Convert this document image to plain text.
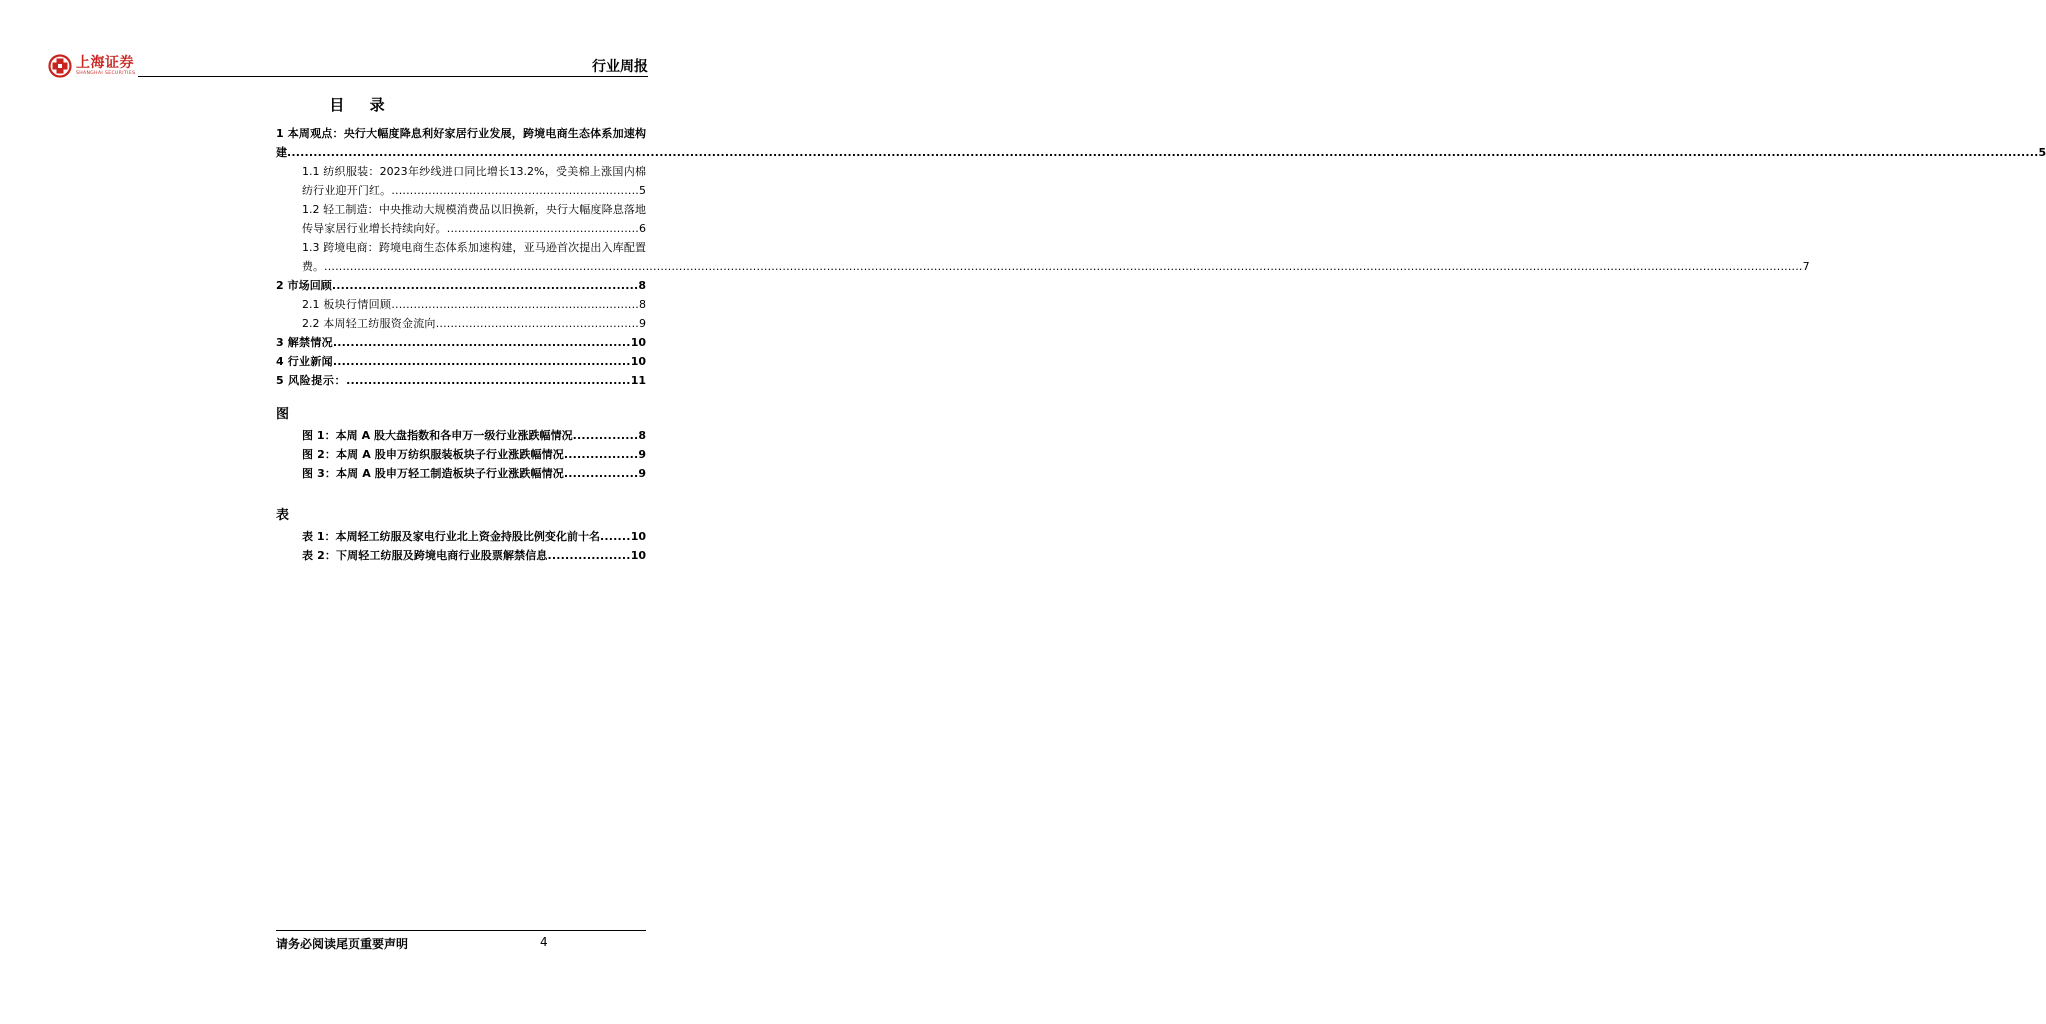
上海证券
SHANGHAI SECURITIES	行业周报
目 录
1 本周观点：央行大幅度降息利好家居行业发展，跨境电商生态体系加速构建................................................................................................................................................................................................................................................................................................................................................................................................................5
1.1 纺织服装：2023年纱线进口同比增长13.2%，受美棉上涨国内棉纺行业迎开门红。...................................................................5
1.2 轻工制造：中央推动大规模消费品以旧换新，央行大幅度降息落地传导家居行业增长持续向好。....................................................6
1.3 跨境电商：跨境电商生态体系加速构建，亚马逊首次提出入库配置费。................................................................................................................................................................................................................................................................................................................................................................................................................7
2 市场回顾......................................................................8
2.1 板块行情回顾...................................................................8
2.2 本周轻工纺服资金流向.......................................................9
3 解禁情况....................................................................10
4 行业新闻....................................................................10
5 风险提示：.................................................................11
图
图 1：本周 A 股大盘指数和各申万一级行业涨跌幅情况...............8
图 2：本周 A 股申万纺织服装板块子行业涨跌幅情况.................9
图 3：本周 A 股申万轻工制造板块子行业涨跌幅情况.................9
表
表 1：本周轻工纺服及家电行业北上资金持股比例变化前十名.......10
表 2：下周轻工纺服及跨境电商行业股票解禁信息...................10
请务必阅读尾页重要声明	4
